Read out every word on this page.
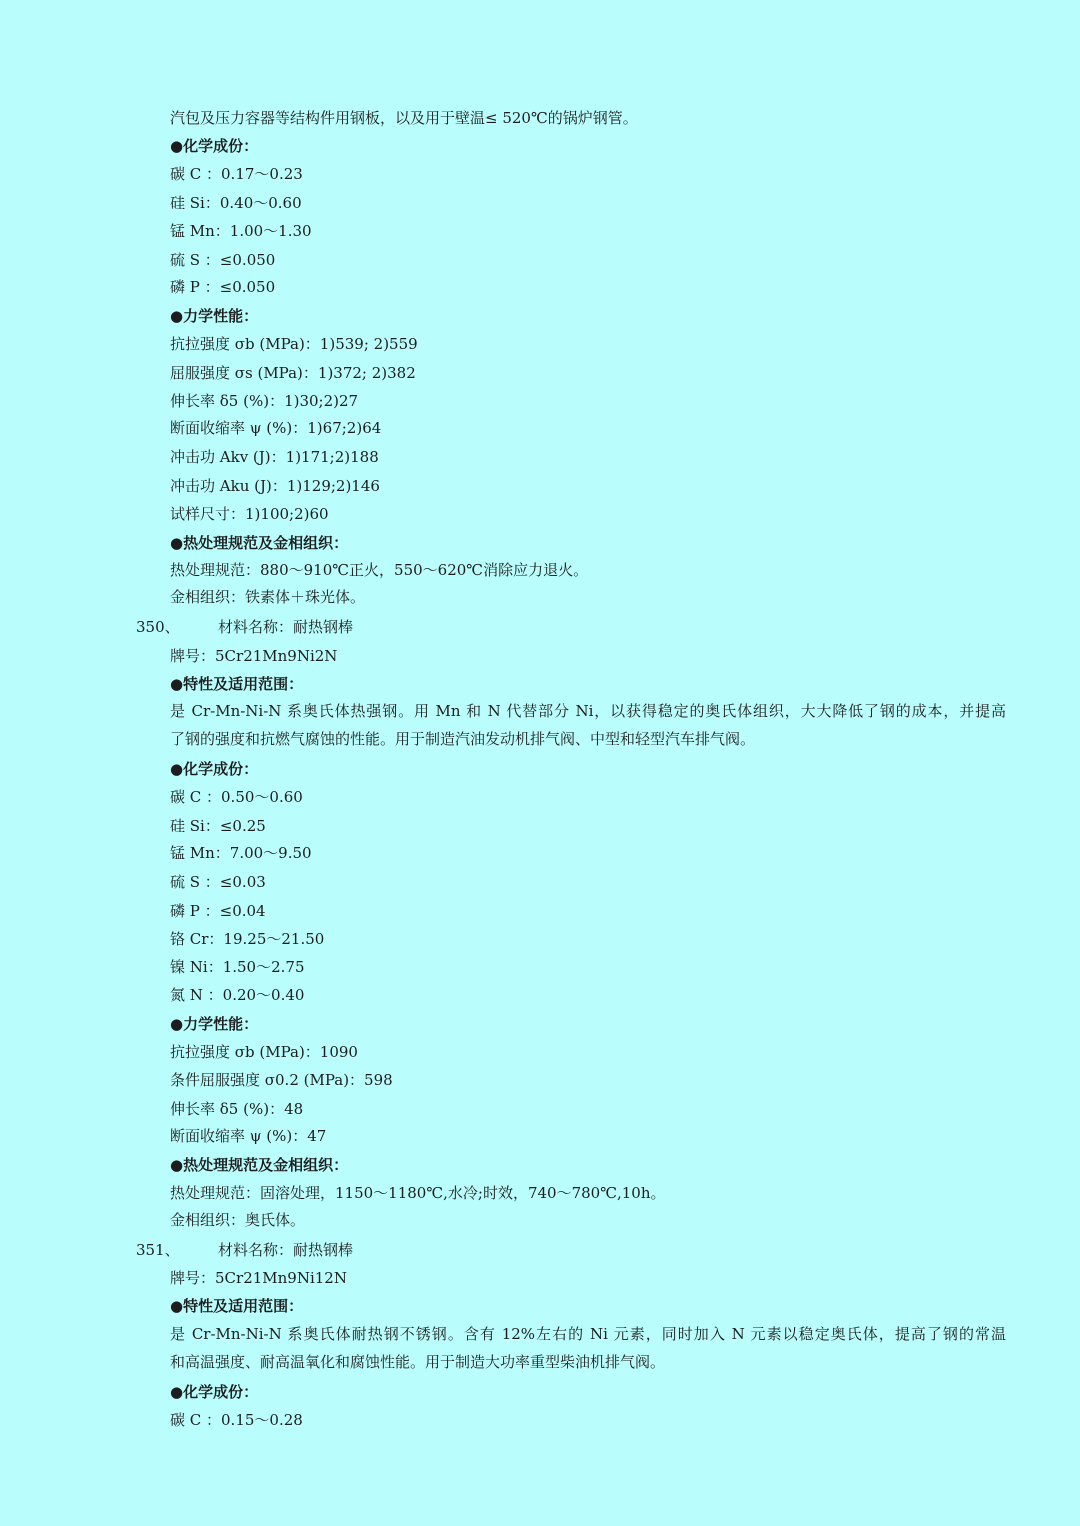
汽包及压力容器等结构件用钢板，以及用于壁温≤ 520℃的锅炉钢管。
●化学成份：
碳 C ：0.17～0.23
硅 Si：0.40～0.60
锰 Mn：1.00～1.30
硫 S ：≤0.050
磷 P ：≤0.050
●力学性能：
抗拉强度 σb (MPa)：1)539; 2)559
屈服强度 σs (MPa)：1)372; 2)382
伸长率 δ5 (%)：1)30;2)27
断面收缩率 ψ (%)：1)67;2)64
冲击功 Akv (J)：1)171;2)188
冲击功 Aku (J)：1)129;2)146
试样尺寸：1)100;2)60
●热处理规范及金相组织：
热处理规范：880～910℃正火，550～620℃消除应力退火。
金相组织：铁素体＋珠光体。
350、	材料名称：耐热钢棒
牌号：5Cr21Mn9Ni2N
●特性及适用范围：
是 Cr-Mn-Ni-N 系奥氏体热强钢。用 Mn 和 N 代替部分 Ni，以获得稳定的奥氏体组织，大大降低了钢的成本，并提高
了钢的强度和抗燃气腐蚀的性能。用于制造汽油发动机排气阀、中型和轻型汽车排气阀。
●化学成份：
碳 C ：0.50～0.60
硅 Si：≤0.25
锰 Mn：7.00～9.50
硫 S ：≤0.03
磷 P ：≤0.04
铬 Cr：19.25～21.50
镍 Ni：1.50～2.75
氮 N ：0.20～0.40
●力学性能：
抗拉强度 σb (MPa)：1090
条件屈服强度 σ0.2 (MPa)：598
伸长率 δ5 (%)：48
断面收缩率 ψ (%)：47
●热处理规范及金相组织：
热处理规范：固溶处理，1150～1180℃,水冷;时效，740～780℃,10h。
金相组织：奥氏体。
351、	材料名称：耐热钢棒
牌号：5Cr21Mn9Ni12N
●特性及适用范围：
是 Cr-Mn-Ni-N 系奥氏体耐热钢不锈钢。含有 12%左右的 Ni 元素，同时加入 N 元素以稳定奥氏体，提高了钢的常温
和高温强度、耐高温氧化和腐蚀性能。用于制造大功率重型柴油机排气阀。
●化学成份：
碳 C ：0.15～0.28
